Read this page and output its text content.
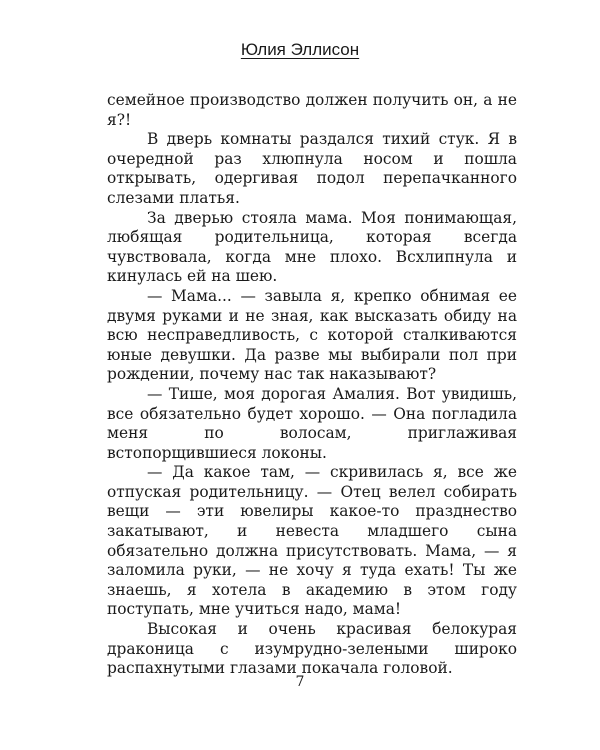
Юлия Эллисон

семейное производство должен получить он, а не я?!

В дверь комнаты раздался тихий стук. Я в очередной раз хлюпнула носом и пошла открывать, одергивая подол перепачканного слезами платья.

За дверью стояла мама. Моя понимающая, любящая родительница, которая всегда чувствовала, когда мне плохо. Всхлипнула и кинулась ей на шею.

— Мама... — завыла я, крепко обнимая ее двумя руками и не зная, как высказать обиду на всю несправедливость, с которой сталкиваются юные девушки. Да разве мы выбирали пол при рождении, почему нас так наказывают?

— Тише, моя дорогая Амалия. Вот увидишь, все обязательно будет хорошо. — Она погладила меня по волосам, приглаживая встопорщившиеся локоны.

— Да какое там, — скривилась я, все же отпуская родительницу. — Отец велел собирать вещи — эти ювелиры какое-то празднество закатывают, и невеста младшего сына обязательно должна присутствовать. Мама, — я заломила руки, — не хочу я туда ехать! Ты же знаешь, я хотела в академию в этом году поступать, мне учиться надо, мама!

Высокая и очень красивая белокурая драконица с изумрудно-зелеными широко распахнутыми глазами покачала головой.

7
